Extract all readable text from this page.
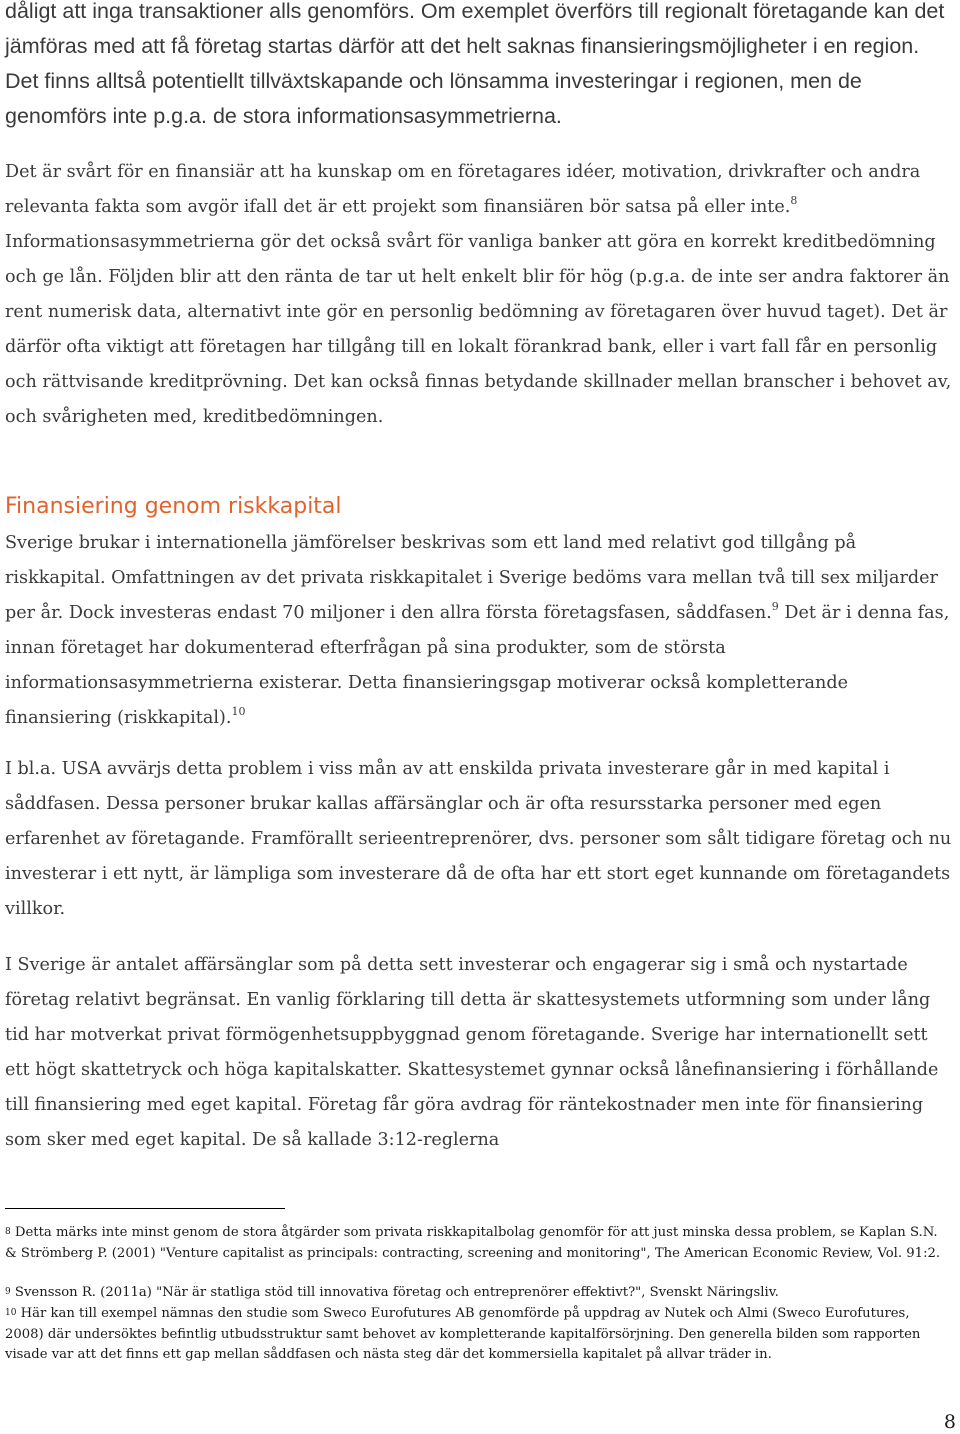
dåligt att inga transaktioner alls genomförs. Om exemplet överförs till regionalt företagande kan det jämföras med att få företag startas därför att det helt saknas finansieringsmöjligheter i en region. Det finns alltså potentiellt tillväxtskapande och lönsamma investeringar i regionen, men de genomförs inte p.g.a. de stora informationsasymmetrierna.

Det är svårt för en finansiär att ha kunskap om en företagares idéer, motivation, drivkrafter och andra relevanta fakta som avgör ifall det är ett projekt som finansiären bör satsa på eller inte.$^8$ Informationsasymmetrierna gör det också svårt för vanliga banker att göra en korrekt kreditbedömning och ge lån. Följden blir att den ränta de tar ut helt enkelt blir för hög (p.g.a. de inte ser andra faktorer än rent numerisk data, alternativt inte gör en personlig bedömning av företagaren över huvud taget). Det är därför ofta viktigt att företagen har tillgång till en lokalt förankrad bank, eller i vart fall får en personlig och rättvisande kreditprövning. Det kan också finnas betydande skillnader mellan branscher i behovet av, och svårigheten med, kreditbedömningen.

Finansiering genom riskkapital

Sverige brukar i internationella jämförelser beskrivas som ett land med relativt god tillgång på riskkapital. Omfattningen av det privata riskkapitalet i Sverige bedöms vara mellan två till sex miljarder per år. Dock investeras endast 70 miljoner i den allra första företagsfasen, såddfasen.$^9$ Det är i denna fas, innan företaget har dokumenterad efterfrågan på sina produkter, som de största informationsasymmetrierna existerar. Detta finansieringsgap motiverar också kompletterande finansiering (riskkapital).$^{10}$

I bl.a. USA avvärjs detta problem i viss mån av att enskilda privata investerare går in med kapital i såddfasen. Dessa personer brukar kallas affärsänglar och är ofta resursstarka personer med egen erfarenhet av företagande. Framförallt serieentreprenörer, dvs. personer som sålt tidigare företag och nu investerar i ett nytt, är lämpliga som investerare då de ofta har ett stort eget kunnande om företagandets villkor.

I Sverige är antalet affärsänglar som på detta sett investerar och engagerar sig i små och nystartade företag relativt begränsat. En vanlig förklaring till detta är skattesystemets utformning som under lång tid har motverkat privat förmögenhetsuppbyggnad genom företagande. Sverige har internationellt sett ett högt skattetryck och höga kapitalskatter. Skattesystemet gynnar också lånefinansiering i förhållande till finansiering med eget kapital. Företag får göra avdrag för räntekostnader men inte för finansiering som sker med eget kapital. De så kallade 3:12-reglerna

8 Detta märks inte minst genom de stora åtgärder som privata riskkapitalbolag genomför för att just minska dessa problem, se Kaplan S.N. & Strömberg P. (2001) "Venture capitalist as principals: contracting, screening and monitoring", The American Economic Review, Vol. 91:2.

9 Svensson R. (2011a) "När är statliga stöd till innovativa företag och entreprenörer effektivt?", Svenskt Näringsliv.

10 Här kan till exempel nämnas den studie som Sweco Eurofutures AB genomförde på uppdrag av Nutek och Almi (Sweco Eurofutures, 2008) där undersöktes befintlig utbudsstruktur samt behovet av kompletterande kapitalförsörjning. Den generella bilden som rapporten visade var att det finns ett gap mellan såddfasen och nästa steg där det kommersiella kapitalet på allvar träder in.

8
